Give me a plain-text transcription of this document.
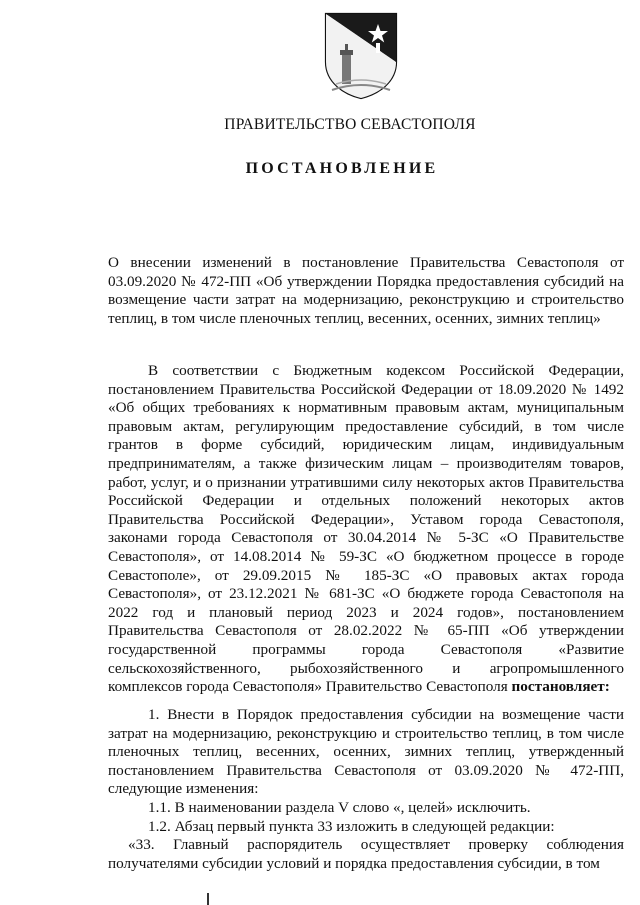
ПРАВИТЕЛЬСТВО СЕВАСТОПОЛЯ
ПОСТАНОВЛЕНИЕ
О внесении изменений в постановление Правительства Севастополя от 03.09.2020 № 472-ПП «Об утверждении Порядка предоставления субсидий на возмещение части затрат на модернизацию, реконструкцию и строительство теплиц, в том числе пленочных теплиц, весенних, осенних, зимних теплиц»
В соответствии с Бюджетным кодексом Российской Федерации, постановлением Правительства Российской Федерации от 18.09.2020 № 1492 «Об общих требованиях к нормативным правовым актам, муниципальным правовым актам, регулирующим предоставление субсидий, в том числе грантов в форме субсидий, юридическим лицам, индивидуальным предпринимателям, а также физическим лицам – производителям товаров, работ, услуг, и о признании утратившими силу некоторых актов Правительства Российской Федерации и отдельных положений некоторых актов Правительства Российской Федерации», Уставом города Севастополя, законами города Севастополя от 30.04.2014 № 5-ЗС «О Правительстве Севастополя», от 14.08.2014 № 59-ЗС «О бюджетном процессе в городе Севастополе», от 29.09.2015 № 185-ЗС «О правовых актах города Севастополя», от 23.12.2021 № 681-ЗС «О бюджете города Севастополя на 2022 год и плановый период 2023 и 2024 годов», постановлением Правительства Севастополя от 28.02.2022 № 65-ПП «Об утверждении государственной программы города Севастополя «Развитие сельскохозяйственного, рыбохозяйственного и агропромышленного комплексов города Севастополя» Правительство Севастополя постановляет:

1. Внести в Порядок предоставления субсидии на возмещение части затрат на модернизацию, реконструкцию и строительство теплиц, в том числе пленочных теплиц, весенних, осенних, зимних теплиц, утвержденный постановлением Правительства Севастополя от 03.09.2020 № 472-ПП, следующие изменения:

1.1. В наименовании раздела V слово «, целей» исключить.

1.2. Абзац первый пункта 33 изложить в следующей редакции:

«33. Главный распорядитель осуществляет проверку соблюдения получателями субсидии условий и порядка предоставления субсидии, в том
